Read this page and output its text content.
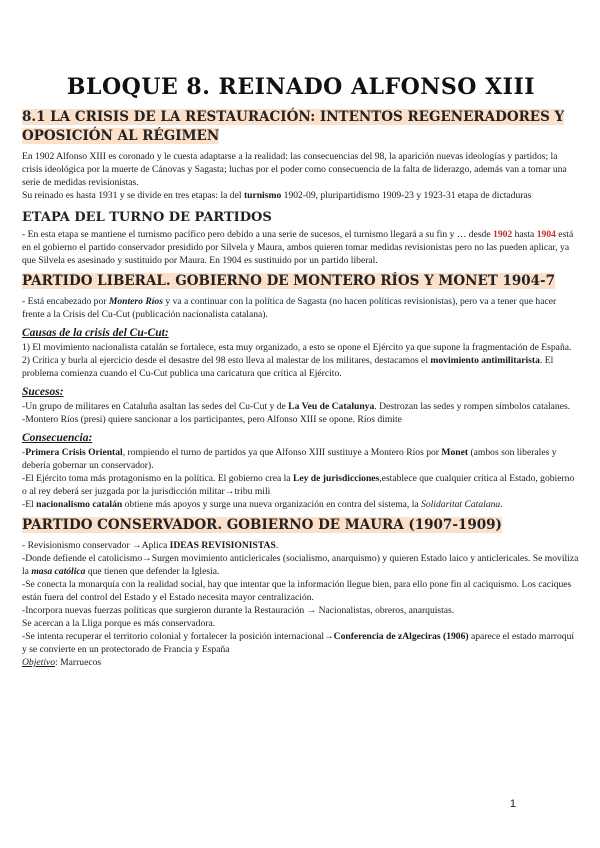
BLOQUE 8. REINADO ALFONSO XIII
8.1 LA CRISIS DE LA RESTAURACIÓN: INTENTOS REGENERADORES Y OPOSICIÓN AL RÉGIMEN

En 1902 Alfonso XIII es coronado y le cuesta adaptarse a la realidad: las consecuencias del 98, la aparición nuevas ideologías y partidos; la crisis ideológica por la muerte de Cánovas y Sagasta; luchas por el poder como consecuencia de la falta de liderazgo, además van a tomar una serie de medidas revisionistas.

Su reinado es hasta 1931 y se divide en tres etapas: la del turnismo 1902-09, pluripartidismo 1909-23 y 1923-31 etapa de dictaduras

ETAPA DEL TURNO DE PARTIDOS

- En esta etapa se mantiene el turnismo pacífico pero debido a una serie de sucesos, el turnismo llegará a su fin y … desde 1902 hasta 1904 está en el gobierno el partido conservador presidido por Silvela y Maura, ambos quieren tomar medidas revisionistas pero no las pueden aplicar, ya que Silvela es asesinado y sustituido por Maura. En 1904 es sustituido por un partido liberal.

PARTIDO LIBERAL. GOBIERNO DE MONTERO RÍOS Y MONET 1904-7

- Está encabezado por Montero Ríos y va a continuar con la política de Sagasta (no hacen políticas revisionistas), pero va a tener que hacer frente a la Crisis del Cu-Cut (publicación nacionalista catalana).

Causas de la crisis del Cu-Cut:

1) El movimiento nacionalista catalán se fortalece, esta muy organizado, a esto se opone el Ejército ya que supone la fragmentación de España.

2) Crítica y burla al ejercicio desde el desastre del 98 esto lleva al malestar de los militares, destacamos el movimiento antimilitarista. El problema comienza cuando el Cu-Cut publica una caricatura que crítica al Ejército.

Sucesos:

-Un grupo de militares en Cataluña asaltan las sedes del Cu-Cut y de La Veu de Catalunya. Destrozan las sedes y rompen símbolos catalanes.

-Montero Ríos (presi) quiere sancionar a los participantes, pero Alfonso XIII se opone. Ríos dimite

Consecuencia:

-Primera Crisis Oriental, rompiendo el turno de partidos ya que Alfonso XIII sustituye a Montero Ríos por Monet (ambos son liberales y debería gobernar un conservador).

-El Ejército toma más protagonismo en la política. El gobierno crea la Ley de jurisdicciones,establece que cualquier crítica al Estado, gobierno o al rey deberá ser juzgada por la jurisdicción militar→tribu mili

-El nacionalismo catalán obtiene más apoyos y surge una nueva organización en contra del sistema, la Solidaritat Catalana.

PARTIDO CONSERVADOR. GOBIERNO DE MAURA (1907-1909)

- Revisionismo conservador →Aplica IDEAS REVISIONISTAS.

-Donde defiende el catolicismo→Surgen movimiento anticlericales (socialismo, anarquismo) y quieren Estado laico y anticlericales. Se moviliza la masa católica que tienen que defender la Iglesia.

-Se conecta la monarquía con la realidad social, hay que intentar que la información llegue bien, para ello pone fin al caciquismo. Los caciques están fuera del control del Estado y el Estado necesita mayor centralización.

-Incorpora nuevas fuerzas políticas que surgieron durante la Restauración → Nacionalistas, obreros, anarquistas.

Se acercan a la Lliga porque es más conservadora.

-Se intenta recuperar el territorio colonial y fortalecer la posición internacional→Conferencia de zAlgeciras (1906) aparece el estado marroquí y se convierte en un protectorado de Francia y España

Objetivo: Marruecos

1
